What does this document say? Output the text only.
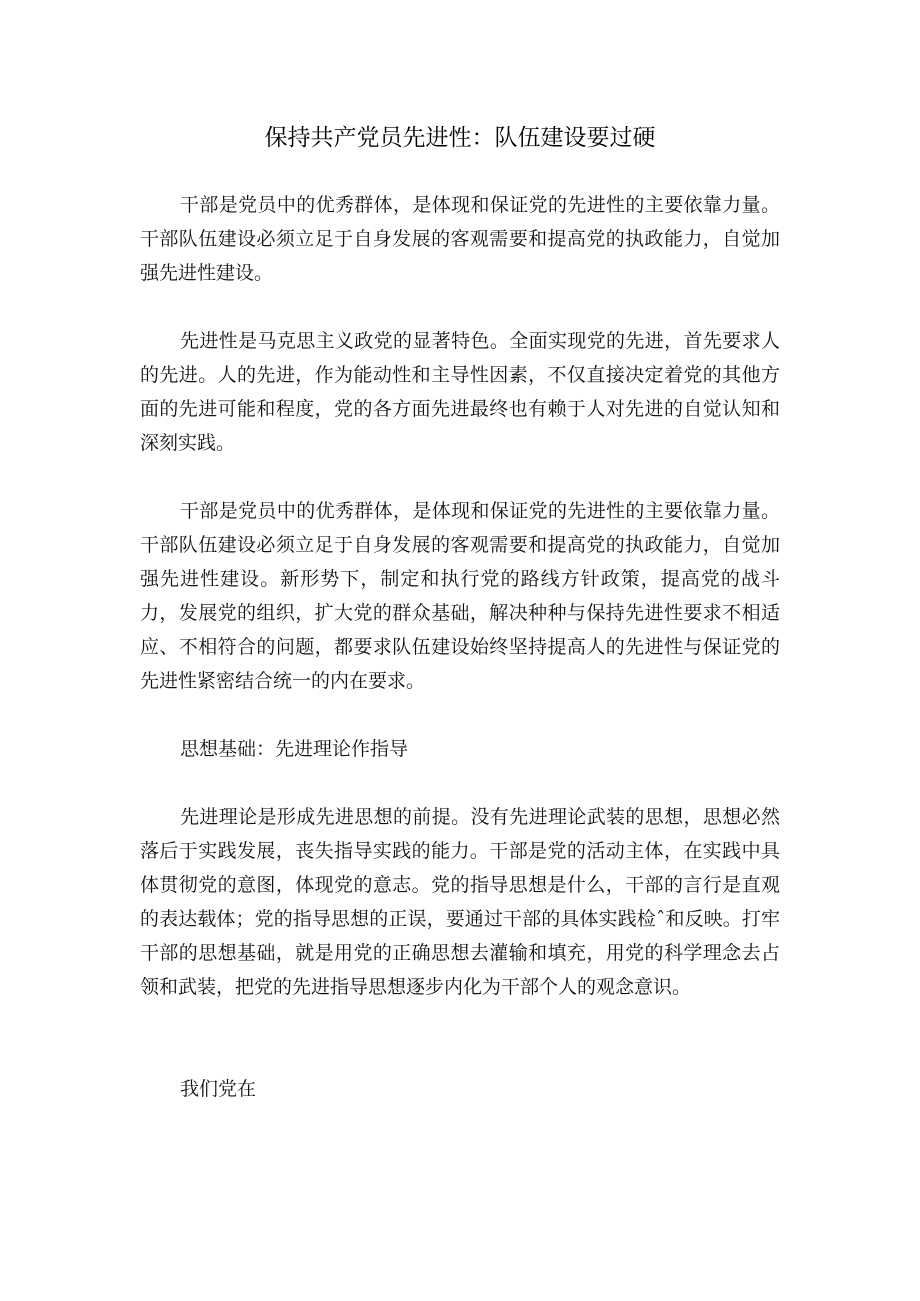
保持共产党员先进性：队伍建设要过硬

干部是党员中的优秀群体，是体现和保证党的先进性的主要依靠力量。干部队伍建设必须立足于自身发展的客观需要和提高党的执政能力，自觉加强先进性建设。

先进性是马克思主义政党的显著特色。全面实现党的先进，首先要求人的先进。人的先进，作为能动性和主导性因素，不仅直接决定着党的其他方面的先进可能和程度，党的各方面先进最终也有赖于人对先进的自觉认知和深刻实践。

干部是党员中的优秀群体，是体现和保证党的先进性的主要依靠力量。干部队伍建设必须立足于自身发展的客观需要和提高党的执政能力，自觉加强先进性建设。新形势下，制定和执行党的路线方针政策，提高党的战斗力，发展党的组织，扩大党的群众基础，解决种种与保持先进性要求不相适应、不相符合的问题，都要求队伍建设始终坚持提高人的先进性与保证党的先进性紧密结合统一的内在要求。

思想基础：先进理论作指导

先进理论是形成先进思想的前提。没有先进理论武装的思想，思想必然落后于实践发展，丧失指导实践的能力。干部是党的活动主体，在实践中具体贯彻党的意图，体现党的意志。党的指导思想是什么，干部的言行是直观的表达载体；党的指导思想的正误，要通过干部的具体实践检ˆ和反映。打牢干部的思想基础，就是用党的正确思想去灌输和填充，用党的科学理念去占领和武装，把党的先进指导思想逐步内化为干部个人的观念意识。

我们党在
